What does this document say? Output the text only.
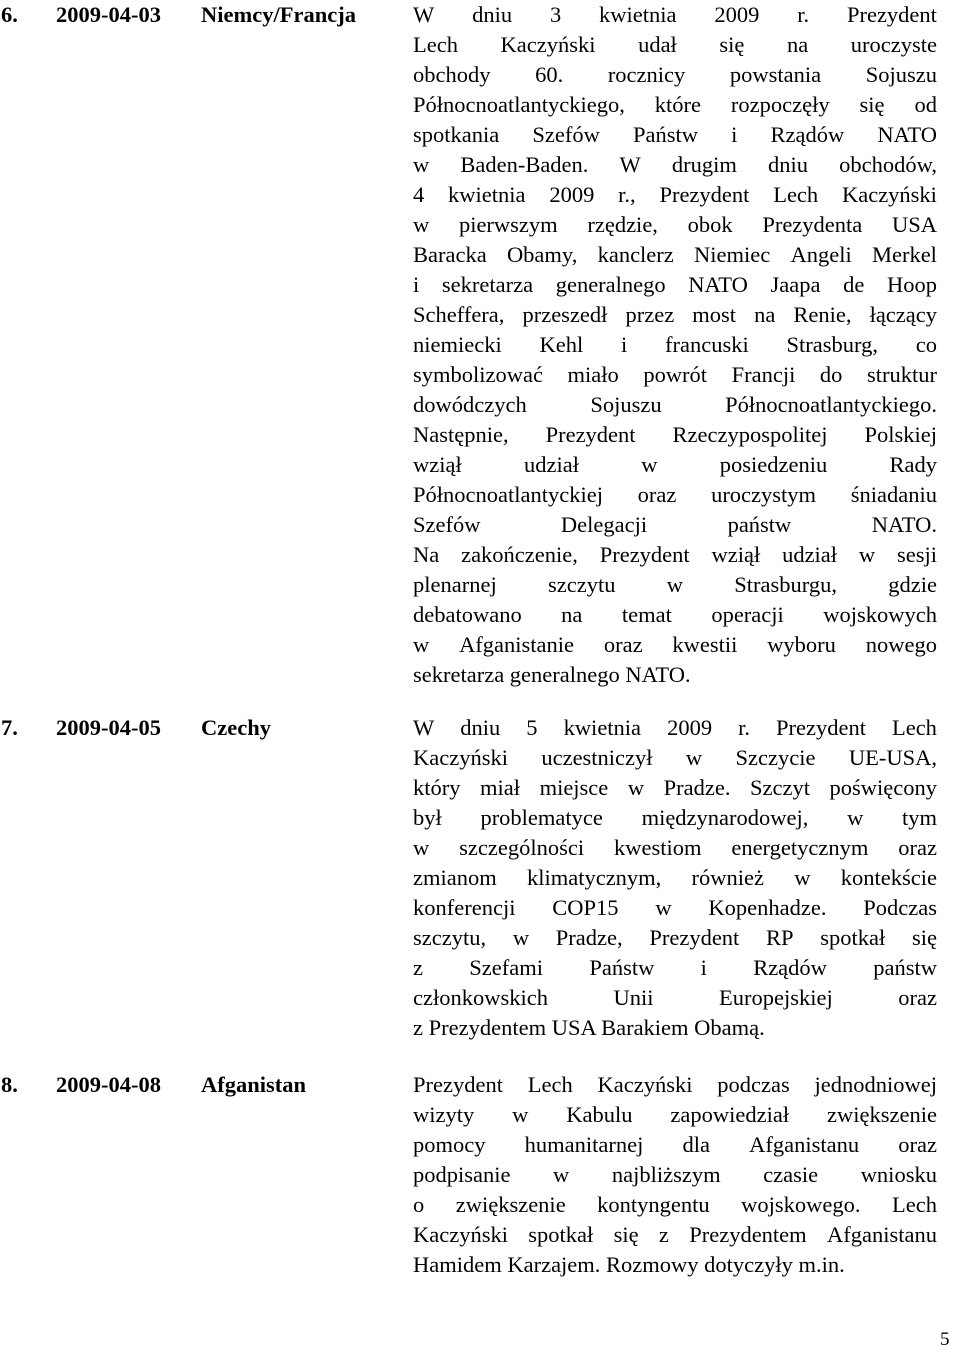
6. 2009-04-03 Niemcy/Francja	W dniu 3 kwietnia 2009 r. Prezydent
Lech Kaczyński udał się na uroczyste
obchody 60. rocznicy powstania Sojuszu
Północnoatlantyckiego, które rozpoczęły się od
spotkania Szefów Państw i Rządów NATO
w Baden-Baden. W drugim dniu obchodów,
4 kwietnia 2009 r., Prezydent Lech Kaczyński
w pierwszym rzędzie, obok Prezydenta USA
Baracka Obamy, kanclerz Niemiec Angeli Merkel
i sekretarza generalnego NATO Jaapa de Hoop
Scheffera, przeszedł przez most na Renie, łączący
niemiecki Kehl i francuski Strasburg, co
symbolizować miało powrót Francji do struktur
dowódczych	Sojuszu	Północnoatlantyckiego.
Następnie, Prezydent Rzeczypospolitej Polskiej
wziął	udział	w	posiedzeniu	Rady
Północnoatlantyckiej oraz uroczystym śniadaniu
Szefów	Delegacji	państw	NATO.
Na zakończenie, Prezydent wziął udział w sesji
plenarnej szczytu w Strasburgu, gdzie
debatowano na temat operacji wojskowych
w Afganistanie oraz kwestii wyboru nowego
sekretarza generalnego NATO.
7. 2009-04-05 Czechy	W dniu 5 kwietnia 2009 r. Prezydent Lech
Kaczyński uczestniczył w Szczycie UE-USA,
który miał miejsce w Pradze. Szczyt poświęcony
był problematyce międzynarodowej, w tym
w szczególności kwestiom energetycznym oraz
zmianom klimatycznym, również w kontekście
konferencji COP15 w Kopenhadze. Podczas
szczytu, w Pradze, Prezydent RP spotkał się
z Szefami Państw i Rządów państw
członkowskich	Unii	Europejskiej	oraz
z Prezydentem USA Barakiem Obamą.
8. 2009-04-08 Afganistan	Prezydent Lech Kaczyński podczas jednodniowej
wizyty w Kabulu zapowiedział zwiększenie
pomocy humanitarnej dla Afganistanu oraz
podpisanie w najbliższym czasie wniosku
o zwiększenie kontyngentu wojskowego. Lech
Kaczyński spotkał się z Prezydentem Afganistanu
Hamidem Karzajem. Rozmowy dotyczyły m.in.
5
